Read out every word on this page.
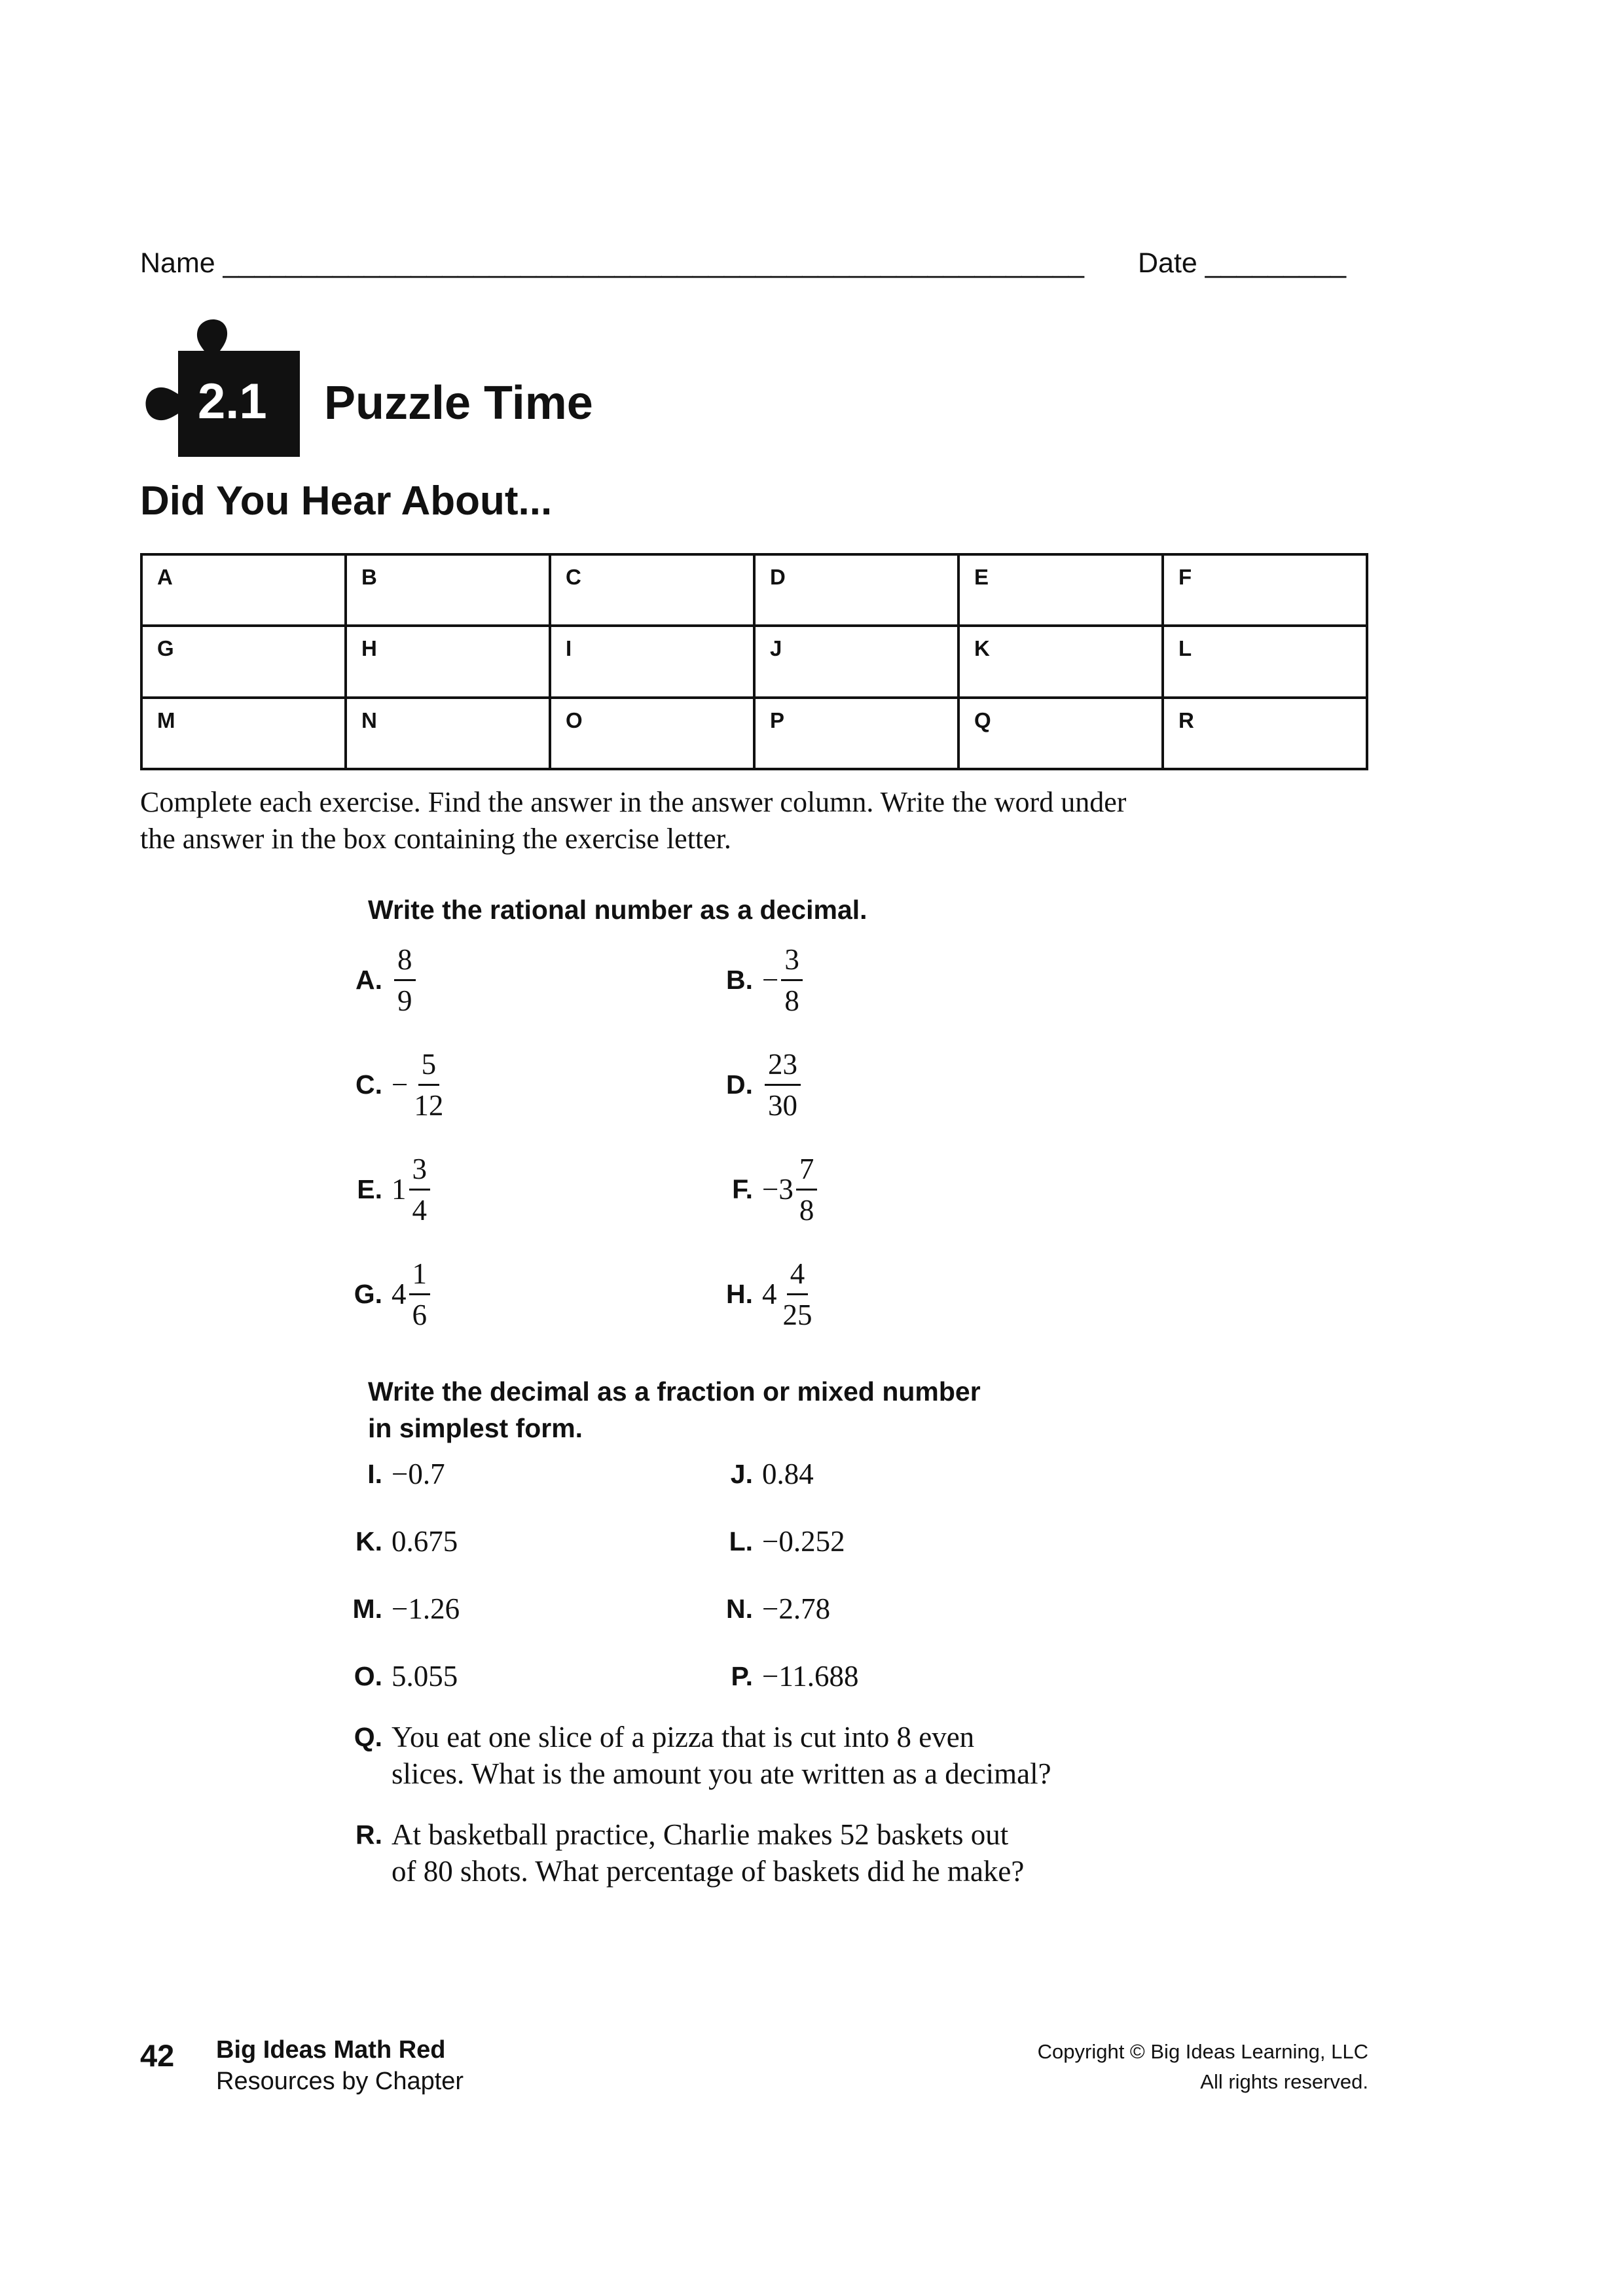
Name _______________________________________________________ Date _________
2.1 Puzzle Time
Did You Hear About...
A	B	C	D	E	F
G	H	I	J	K	L
M	N	O	P	Q	R
Complete each exercise. Find the answer in the answer column. Write the word under the answer in the box containing the exercise letter.
Write the rational number as a decimal.
A. $\frac{8}{9}$	B. − $\frac{3}{8}$
C. − $\frac{5}{12}$	D. $\frac{23}{30}$
E. $1 \frac{3}{4}$	F. − $3 \frac{7}{8}$
G. $4 \frac{1}{6}$	H. $4 \frac{4}{25}$
Write the decimal as a fraction or mixed number
in simplest form.
I. −0.7	J. 0.84
K. 0.675	L. −0.252
M. −1.26	N. −2.78
O. 5.055	P. −11.688
Q. You eat one slice of a pizza that is cut into 8 even
slices. What is the amount you ate written as a decimal?
R. At basketball practice, Charlie makes 52 baskets out
of 80 shots. What percentage of baskets did he make?
42 Big Ideas Math Red
Resources by Chapter
Copyright © Big Ideas Learning, LLC
All rights reserved.
